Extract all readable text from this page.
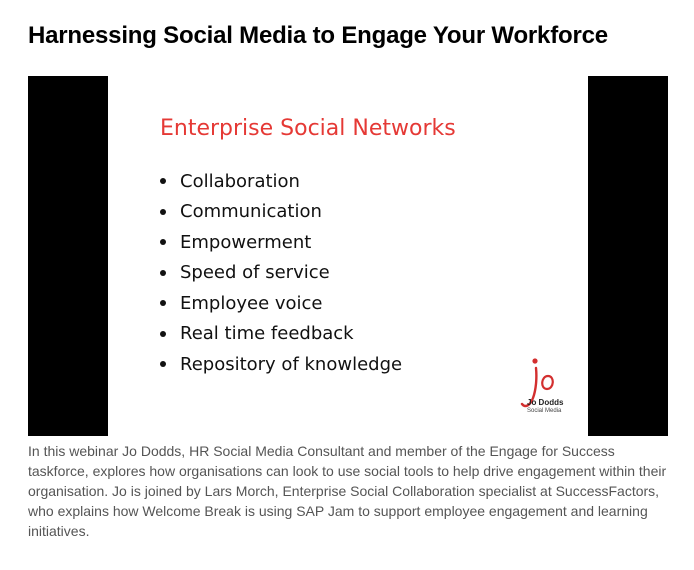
Harnessing Social Media to Engage Your Workforce
Enterprise Social Networks
Collaboration
Communication
Empowerment
Speed of service
Employee voice
Real time feedback
Repository of knowledge
Jo Dodds
Social Media

In this webinar Jo Dodds, HR Social Media Consultant and member of the Engage for Success taskforce, explores how organisations can look to use social tools to help drive engagement within their organisation. Jo is joined by Lars Morch, Enterprise Social Collaboration specialist at SuccessFactors, who explains how Welcome Break is using SAP Jam to support employee engagement and learning initiatives.
